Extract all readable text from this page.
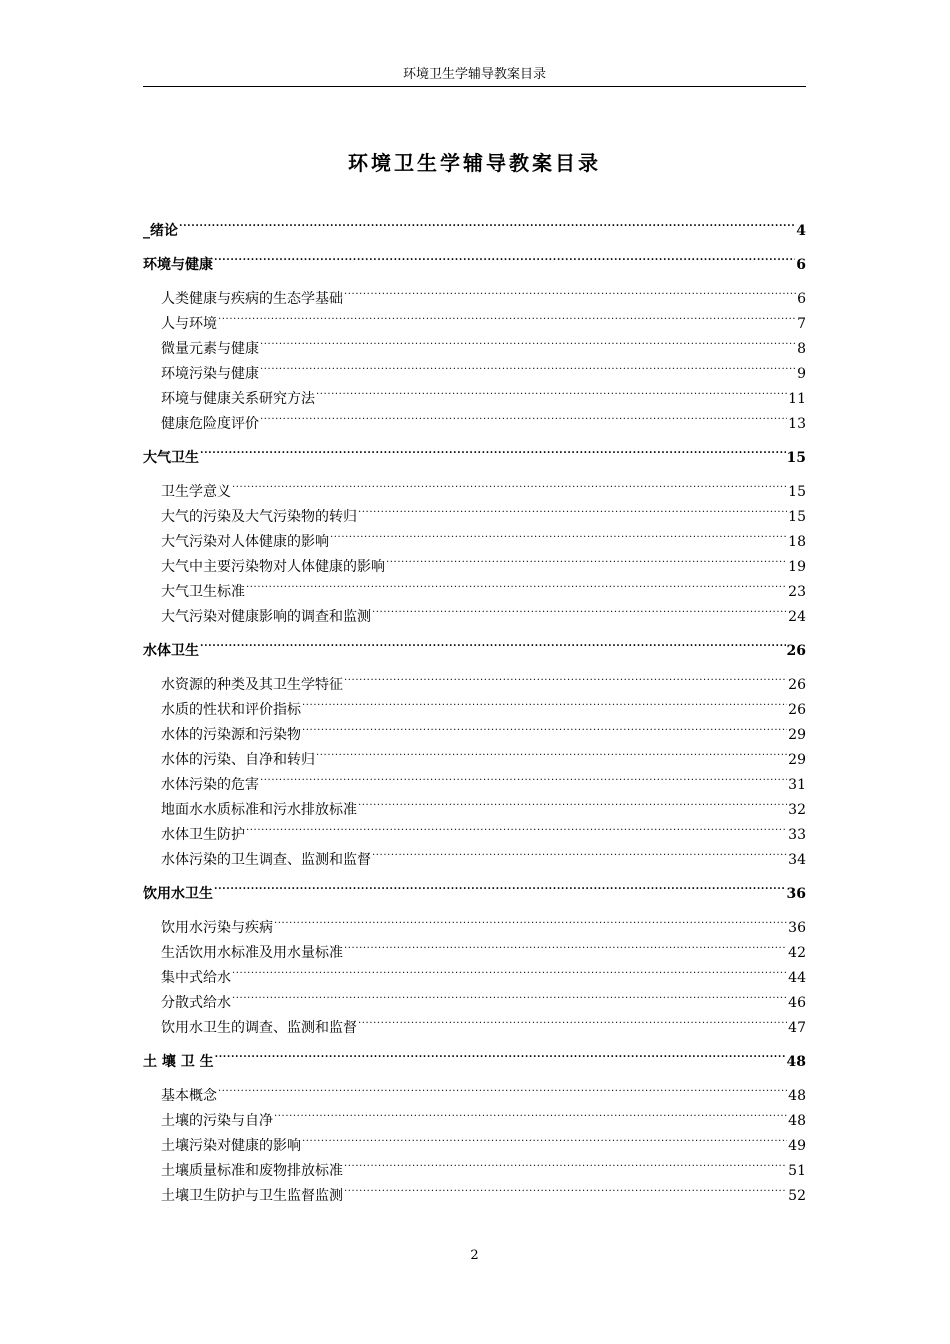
环境卫生学辅导教案目录
环境卫生学辅导教案目录
_绪论 .....	4
环境与健康 .....	6
人类健康与疾病的生态学基础 .....	6
人与环境 .....	7
微量元素与健康 .....	8
环境污染与健康 .....	9
环境与健康关系研究方法 .....	11
健康危险度评价 .....	13
大气卫生 .....	15
卫生学意义 .....	15
大气的污染及大气污染物的转归 .....	15
大气污染对人体健康的影响 .....	18
大气中主要污染物对人体健康的影响 .....	19
大气卫生标准 .....	23
大气污染对健康影响的调查和监测 .....	24
水体卫生 .....	26
水资源的种类及其卫生学特征 .....	26
水质的性状和评价指标 .....	26
水体的污染源和污染物 .....	29
水体的污染、自净和转归 .....	29
水体污染的危害 .....	31
地面水水质标准和污水排放标准 .....	32
水体卫生防护 .....	33
水体污染的卫生调查、监测和监督 .....	34
饮用水卫生 .....	36
饮用水污染与疾病 .....	36
生活饮用水标准及用水量标准 .....	42
集中式给水 .....	44
分散式给水 .....	46
饮用水卫生的调查、监测和监督 .....	47
土 壤 卫 生 .....	48
基本概念 .....	48
土壤的污染与自净 .....	48
土壤污染对健康的影响 .....	49
土壤质量标准和废物排放标准 .....	51
土壤卫生防护与卫生监督监测 .....	52
2
